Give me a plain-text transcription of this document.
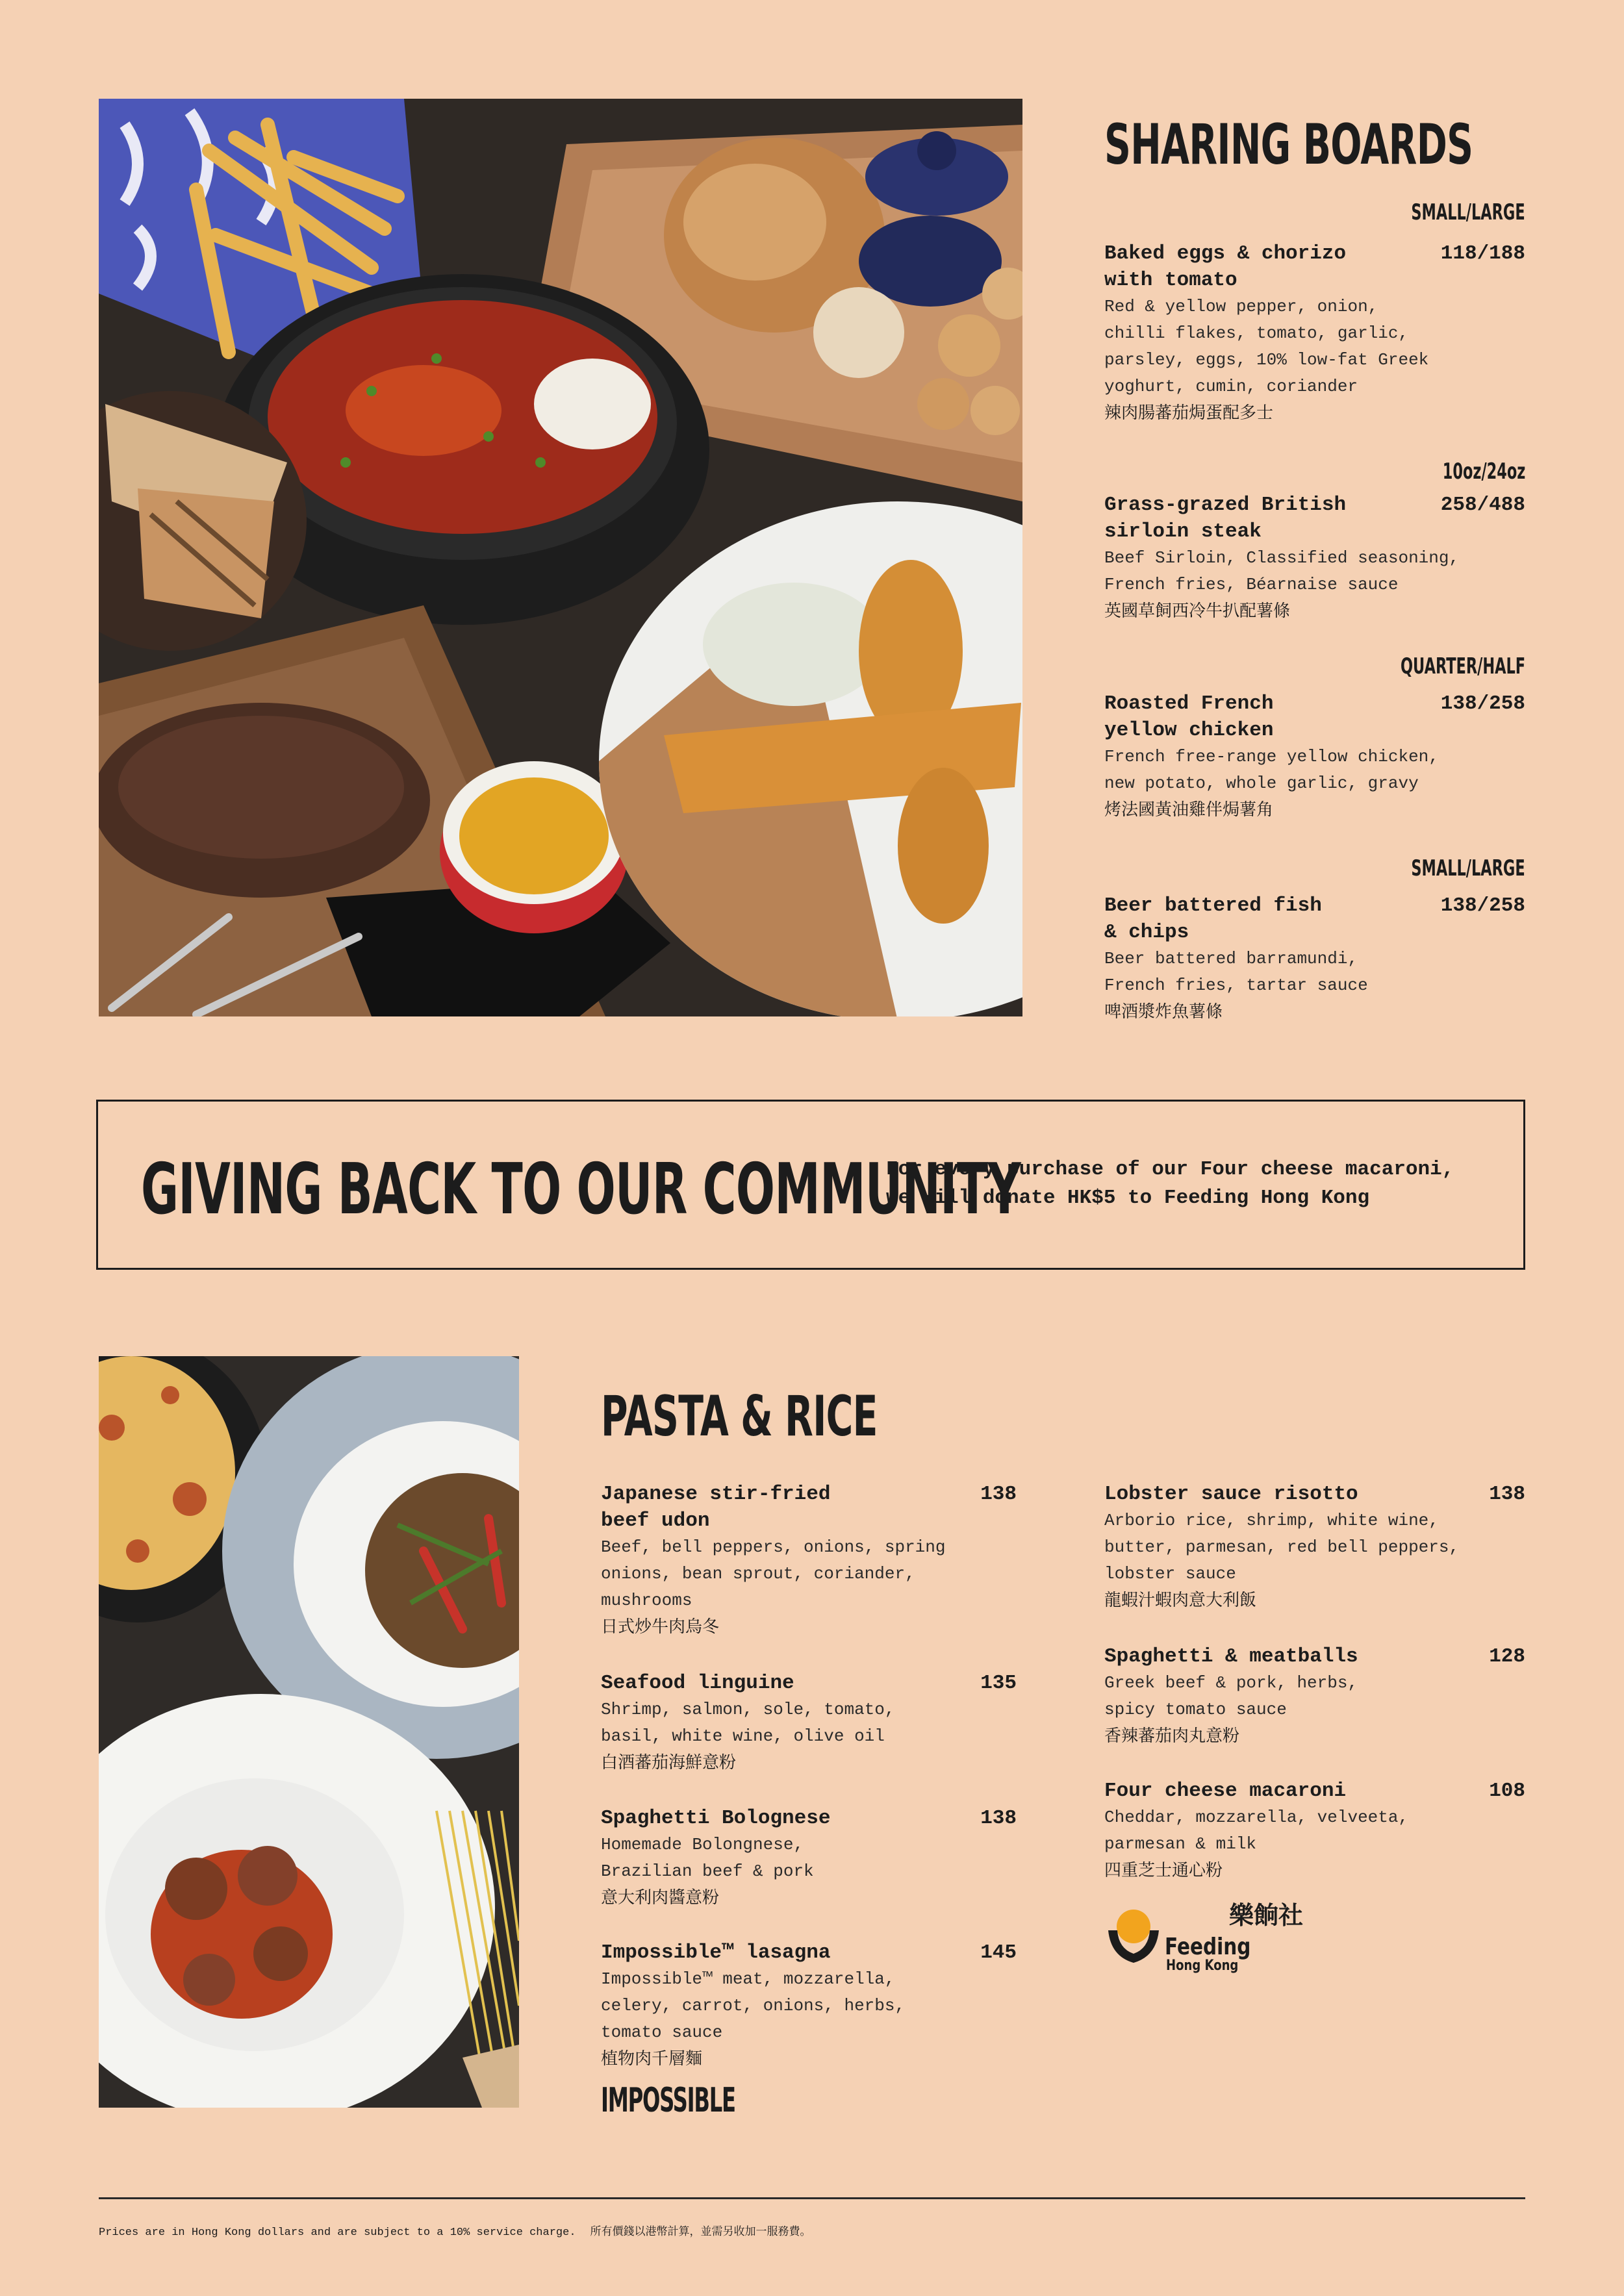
SHARING BOARDS
SMALL/LARGE
Baked eggs & chorizo
with tomato
118/188
Red & yellow pepper, onion,
chilli flakes, tomato, garlic,
parsley, eggs, 10% low-fat Greek
yoghurt, cumin, coriander
辣肉腸蕃茄焗蛋配多士
10oz/24oz
Grass-grazed British
sirloin steak
258/488
Beef Sirloin, Classified seasoning,
French fries, Béarnaise sauce
英國草飼西冷牛扒配薯條
QUARTER/HALF
Roasted French
yellow chicken
138/258
French free-range yellow chicken,
new potato, whole garlic, gravy
烤法國黃油雞伴焗薯角
SMALL/LARGE
Beer battered fish
& chips
138/258
Beer battered barramundi,
French fries, tartar sauce
啤酒漿炸魚薯條
GIVING BACK TO OUR COMMUNITY
For every purchase of our Four cheese macaroni,
we will donate HK$5 to Feeding Hong Kong
PASTA & RICE
Japanese stir-fried
beef udon
138
Beef, bell peppers, onions, spring
onions, bean sprout, coriander,
mushrooms
日式炒牛肉烏冬
Seafood linguine	135
Shrimp, salmon, sole, tomato,
basil, white wine, olive oil
白酒蕃茄海鮮意粉
Spaghetti Bolognese	138
Homemade Bolongnese,
Brazilian beef & pork
意大利肉醬意粉
Impossible™ lasagna	145
Impossible™ meat, mozzarella,
celery, carrot, onions, herbs,
tomato sauce
植物肉千層麵
IMPOSSIBLE
Lobster sauce risotto	138
Arborio rice, shrimp, white wine,
butter, parmesan, red bell peppers,
lobster sauce
龍蝦汁蝦肉意大利飯
Spaghetti & meatballs	128
Greek beef & pork, herbs,
spicy tomato sauce
香辣蕃茄肉丸意粉
Four cheese macaroni	108
Cheddar, mozzarella, velveeta,
parmesan & milk
四重芝士通心粉
Feeding
Hong Kong
樂餉社
Prices are in Hong Kong dollars and are subject to a 10% service charge. 所有價錢以港幣計算，並需另收加一服務費。
